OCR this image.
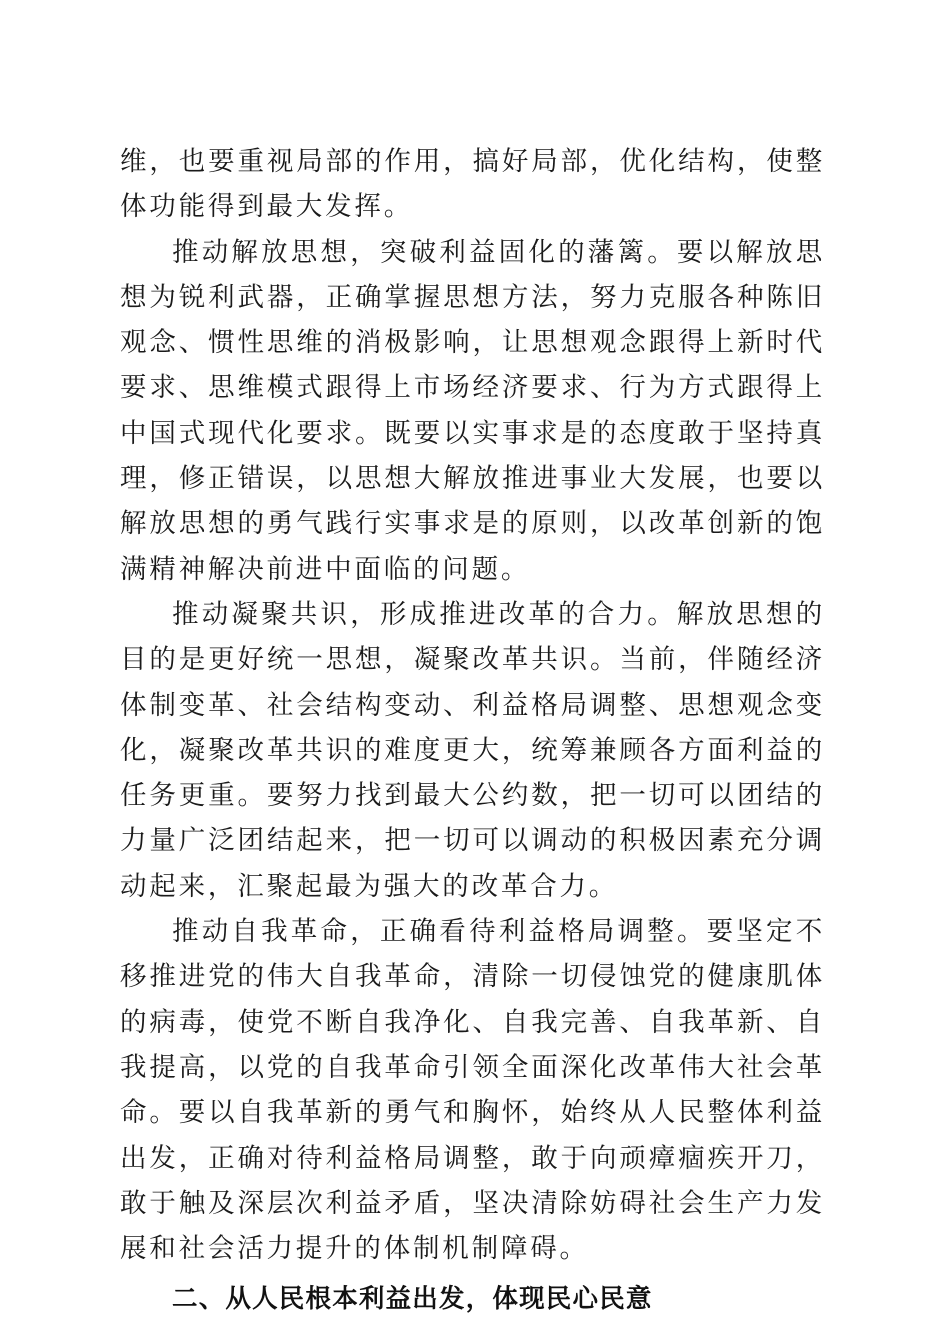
维，也要重视局部的作用，搞好局部，优化结构，使整体功能得到最大发挥。

推动解放思想，突破利益固化的藩篱。要以解放思想为锐利武器，正确掌握思想方法，努力克服各种陈旧观念、惯性思维的消极影响，让思想观念跟得上新时代要求、思维模式跟得上市场经济要求、行为方式跟得上中国式现代化要求。既要以实事求是的态度敢于坚持真理，修正错误，以思想大解放推进事业大发展，也要以解放思想的勇气践行实事求是的原则，以改革创新的饱满精神解决前进中面临的问题。

推动凝聚共识，形成推进改革的合力。解放思想的目的是更好统一思想，凝聚改革共识。当前，伴随经济体制变革、社会结构变动、利益格局调整、思想观念变化，凝聚改革共识的难度更大，统筹兼顾各方面利益的任务更重。要努力找到最大公约数，把一切可以团结的力量广泛团结起来，把一切可以调动的积极因素充分调动起来，汇聚起最为强大的改革合力。

推动自我革命，正确看待利益格局调整。要坚定不移推进党的伟大自我革命，清除一切侵蚀党的健康肌体的病毒，使党不断自我净化、自我完善、自我革新、自我提高，以党的自我革命引领全面深化改革伟大社会革命。要以自我革新的勇气和胸怀，始终从人民整体利益出发，正确对待利益格局调整，敢于向顽瘴痼疾开刀，敢于触及深层次利益矛盾，坚决清除妨碍社会生产力发展和社会活力提升的体制机制障碍。

二、从人民根本利益出发，体现民心民意
